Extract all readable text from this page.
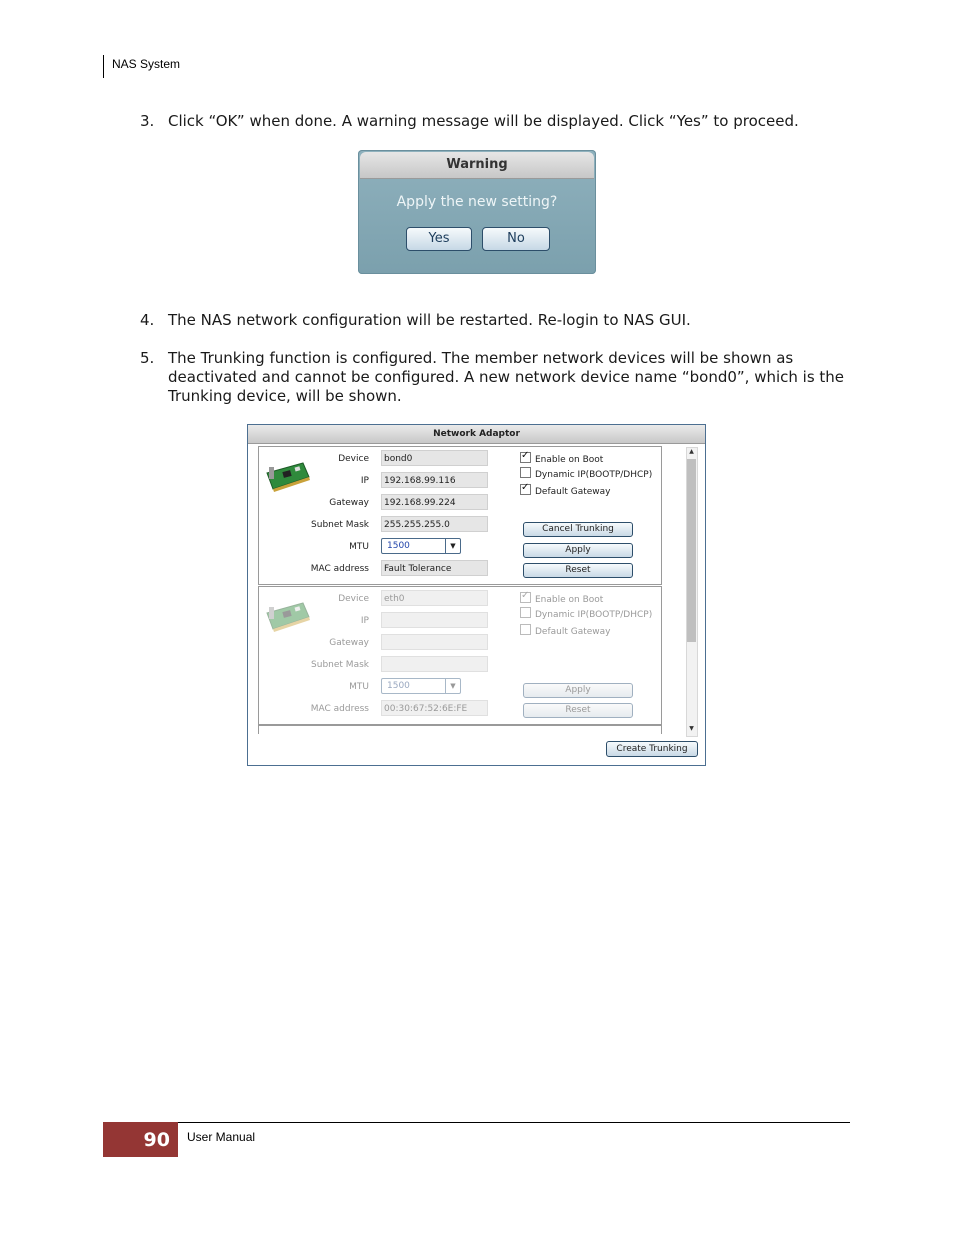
NAS System
3. Click “OK” when done. A warning message will be displayed. Click “Yes” to proceed.
Warning
Apply the new setting?
Yes	No
4. The NAS network configuration will be restarted. Re-login to NAS GUI.
5. The Trunking function is configured. The member network devices will be shown as deactivated and cannot be configured. A new network device name “bond0”, which is the Trunking device, will be shown.
Network Adaptor
Device	bond0
IP	192.168.99.116
Gateway	192.168.99.224
Subnet Mask	255.255.255.0
MTU	1500	▼
MAC address	Fault Tolerance
✓ Enable on Boot
Dynamic IP(BOOTP/DHCP)
✓ Default Gateway
Cancel Trunking
Apply
Reset
Device	eth0
IP
Gateway
Subnet Mask
MTU	1500	▼
MAC address	00:30:67:52:6E:FE
✓ Enable on Boot
Dynamic IP(BOOTP/DHCP)
Default Gateway
Apply
Reset
▲
▼
Create Trunking
90	User Manual
